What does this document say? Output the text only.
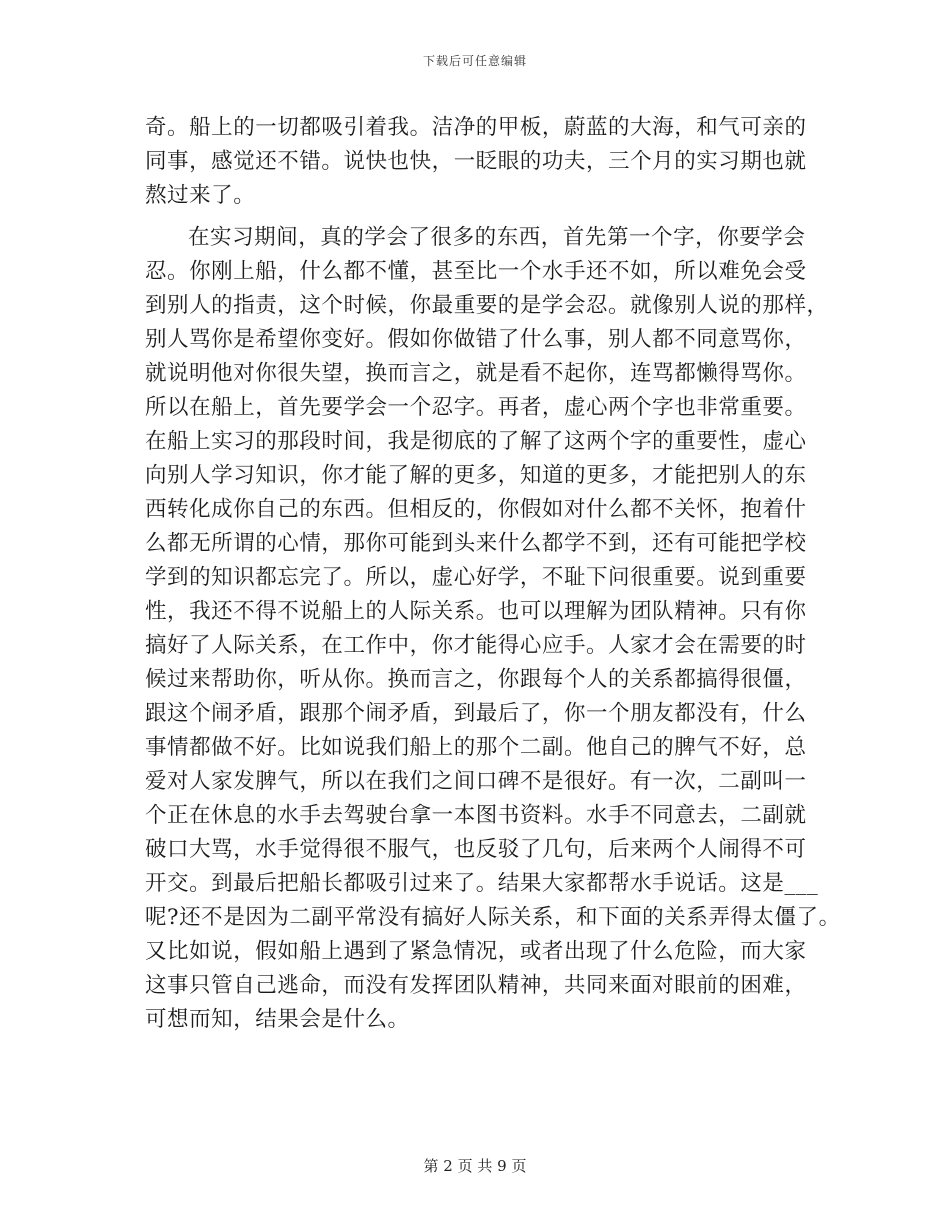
下载后可任意编辑
奇。船上的一切都吸引着我。洁净的甲板，蔚蓝的大海，和气可亲的
同事，感觉还不错。说快也快，一眨眼的功夫，三个月的实习期也就
熬过来了。
在实习期间，真的学会了很多的东西，首先第一个字，你要学会
忍。你刚上船，什么都不懂，甚至比一个水手还不如，所以难免会受
到别人的指责，这个时候，你最重要的是学会忍。就像别人说的那样，
别人骂你是希望你变好。假如你做错了什么事，别人都不同意骂你，
就说明他对你很失望，换而言之，就是看不起你，连骂都懒得骂你。
所以在船上，首先要学会一个忍字。再者，虚心两个字也非常重要。
在船上实习的那段时间，我是彻底的了解了这两个字的重要性，虚心
向别人学习知识，你才能了解的更多，知道的更多，才能把别人的东
西转化成你自己的东西。但相反的，你假如对什么都不关怀，抱着什
么都无所谓的心情，那你可能到头来什么都学不到，还有可能把学校
学到的知识都忘完了。所以，虚心好学，不耻下问很重要。说到重要
性，我还不得不说船上的人际关系。也可以理解为团队精神。只有你
搞好了人际关系，在工作中，你才能得心应手。人家才会在需要的时
候过来帮助你，听从你。换而言之，你跟每个人的关系都搞得很僵，
跟这个闹矛盾，跟那个闹矛盾，到最后了，你一个朋友都没有，什么
事情都做不好。比如说我们船上的那个二副。他自己的脾气不好，总
爱对人家发脾气，所以在我们之间口碑不是很好。有一次，二副叫一
个正在休息的水手去驾驶台拿一本图书资料。水手不同意去，二副就
破口大骂，水手觉得很不服气，也反驳了几句，后来两个人闹得不可
开交。到最后把船长都吸引过来了。结果大家都帮水手说话。这是___
呢?还不是因为二副平常没有搞好人际关系，和下面的关系弄得太僵了。
又比如说，假如船上遇到了紧急情况，或者出现了什么危险，而大家
这事只管自己逃命，而没有发挥团队精神，共同来面对眼前的困难，
可想而知，结果会是什么。
第 2 页 共 9 页
